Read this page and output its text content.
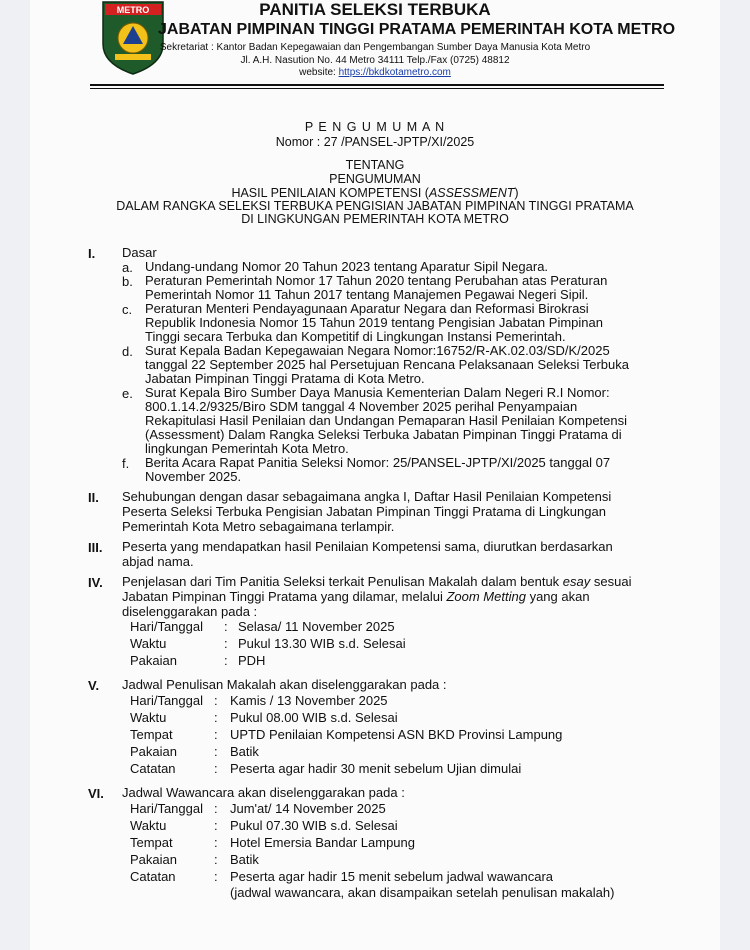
METRO	PANITIA SELEKSI TERBUKA
JABATAN PIMPINAN TINGGI PRATAMA PEMERINTAH KOTA METRO
Sekretariat : Kantor Badan Kepegawaian dan Pengembangan Sumber Daya Manusia Kota Metro
Jl. A.H. Nasution No. 44 Metro 34111 Telp./Fax (0725) 48812
website: https://bkdkotametro.com
P E N G U M U M A N
Nomor : 27 /PANSEL-JPTP/XI/2025
TENTANG
PENGUMUMAN
HASIL PENILAIAN KOMPETENSI (ASSESSMENT)
DALAM RANGKA SELEKSI TERBUKA PENGISIAN JABATAN PIMPINAN TINGGI PRATAMA
DI LINGKUNGAN PEMERINTAH KOTA METRO
I. Dasar
a. Undang-undang Nomor 20 Tahun 2023 tentang Aparatur Sipil Negara.
b. Peraturan Pemerintah Nomor 17 Tahun 2020 tentang Perubahan atas Peraturan
Pemerintah Nomor 11 Tahun 2017 tentang Manajemen Pegawai Negeri Sipil.
c. Peraturan Menteri Pendayagunaan Aparatur Negara dan Reformasi Birokrasi
Republik Indonesia Nomor 15 Tahun 2019 tentang Pengisian Jabatan Pimpinan
Tinggi secara Terbuka dan Kompetitif di Lingkungan Instansi Pemerintah.
d. Surat Kepala Badan Kepegawaian Negara Nomor:16752/R-AK.02.03/SD/K/2025
tanggal 22 September 2025 hal Persetujuan Rencana Pelaksanaan Seleksi Terbuka
Jabatan Pimpinan Tinggi Pratama di Kota Metro.
e. Surat Kepala Biro Sumber Daya Manusia Kementerian Dalam Negeri R.I Nomor:
800.1.14.2/9325/Biro SDM tanggal 4 November 2025 perihal Penyampaian
Rekapitulasi Hasil Penilaian dan Undangan Pemaparan Hasil Penilaian Kompetensi
(Assessment) Dalam Rangka Seleksi Terbuka Jabatan Pimpinan Tinggi Pratama di
lingkungan Pemerintah Kota Metro.
f. Berita Acara Rapat Panitia Seleksi Nomor: 25/PANSEL-JPTP/XI/2025 tanggal 07
November 2025.
II. Sehubungan dengan dasar sebagaimana angka I, Daftar Hasil Penilaian Kompetensi
Peserta Seleksi Terbuka Pengisian Jabatan Pimpinan Tinggi Pratama di Lingkungan
Pemerintah Kota Metro sebagaimana terlampir.
III. Peserta yang mendapatkan hasil Penilaian Kompetensi sama, diurutkan berdasarkan
abjad nama.
IV. Penjelasan dari Tim Panitia Seleksi terkait Penulisan Makalah dalam bentuk esay sesuai
Jabatan Pimpinan Tinggi Pratama yang dilamar, melalui Zoom Metting yang akan
diselenggarakan pada :
Hari/Tanggal : Selasa/ 11 November 2025
Waktu	: Pukul 13.30 WIB s.d. Selesai
Pakaian	: PDH
V. Jadwal Penulisan Makalah akan diselenggarakan pada :
Hari/Tanggal : Kamis / 13 November 2025
Waktu	: Pukul 08.00 WIB s.d. Selesai
Tempat	: UPTD Penilaian Kompetensi ASN BKD Provinsi Lampung
Pakaian	: Batik
Catatan	: Peserta agar hadir 30 menit sebelum Ujian dimulai
VI. Jadwal Wawancara akan diselenggarakan pada :
Hari/Tanggal : Jum'at/ 14 November 2025
Waktu	: Pukul 07.30 WIB s.d. Selesai
Tempat	: Hotel Emersia Bandar Lampung
Pakaian	: Batik
Catatan	: Peserta agar hadir 15 menit sebelum jadwal wawancara
(jadwal wawancara, akan disampaikan setelah penulisan makalah)
